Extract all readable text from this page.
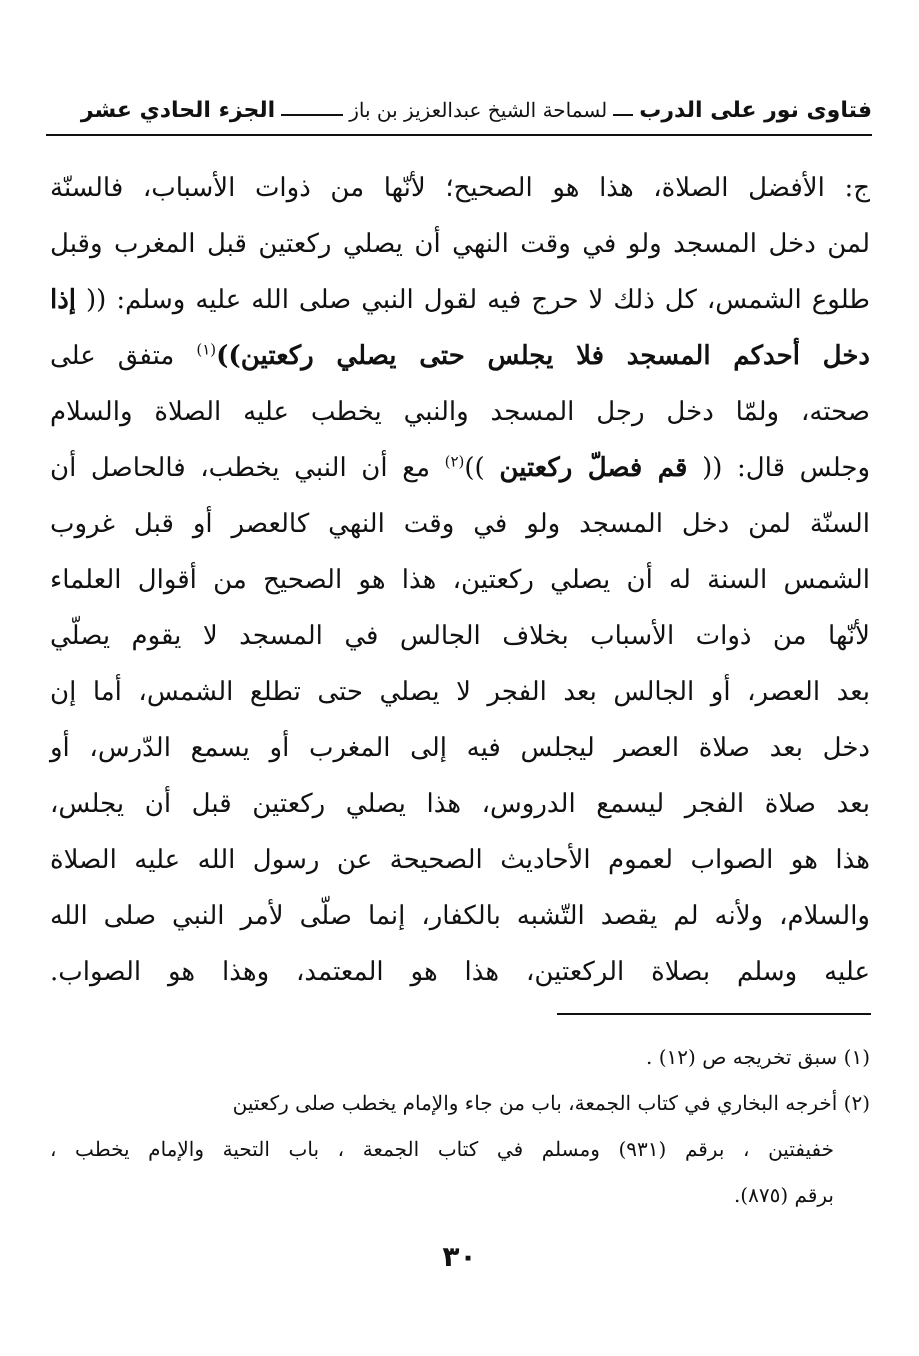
فتاوى نور على الدرب
لسماحة الشيخ عبدالعزيز بن باز
الجزء الحادي عشر
ج: الأفضل الصلاة، هذا هو الصحيح؛ لأنّها من ذوات الأسباب، فالسنّة
لمن دخل المسجد ولو في وقت النهي أن يصلي ركعتين قبل المغرب وقبل
طلوع الشمس، كل ذلك لا حرج فيه لقول النبي صلى الله عليه وسلم: (( إذا
دخل أحدكم المسجد فلا يجلس حتى يصلي ركعتين))$^{(١)}$ متفق على
صحته، ولمّا دخل رجل المسجد والنبي يخطب عليه الصلاة والسلام
وجلس قال: (( قم فصلّ ركعتين ))$^{(٢)}$ مع أن النبي يخطب، فالحاصل أن
السنّة لمن دخل المسجد ولو في وقت النهي كالعصر أو قبل غروب
الشمس السنة له أن يصلي ركعتين، هذا هو الصحيح من أقوال العلماء
لأنّها من ذوات الأسباب بخلاف الجالس في المسجد لا يقوم يصلّي
بعد العصر، أو الجالس بعد الفجر لا يصلي حتى تطلع الشمس، أما إن
دخل بعد صلاة العصر ليجلس فيه إلى المغرب أو يسمع الدّرس، أو
بعد صلاة الفجر ليسمع الدروس، هذا يصلي ركعتين قبل أن يجلس،
هذا هو الصواب لعموم الأحاديث الصحيحة عن رسول الله عليه الصلاة
والسلام، ولأنه لم يقصد التّشبه بالكفار، إنما صلّى لأمر النبي صلى الله
عليه وسلم بصلاة الركعتين، هذا هو المعتمد، وهذا هو الصواب.
(١) سبق تخريجه ص (١٢) .
(٢) أخرجه البخاري في كتاب الجمعة، باب من جاء والإمام يخطب صلى ركعتين
خفيفتين ، برقم (٩٣١) ومسلم في كتاب الجمعة ، باب التحية والإمام يخطب ،
برقم (٨٧٥).
٣٠
